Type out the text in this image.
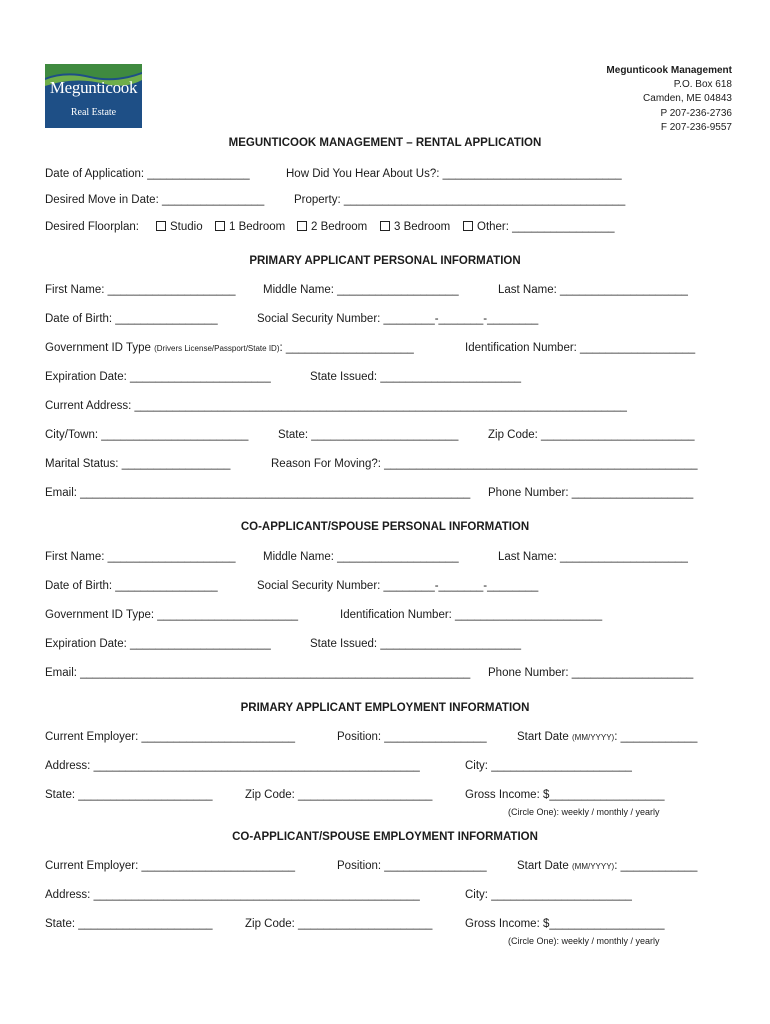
Megunticook
Real Estate
Megunticook Management
P.O. Box 618
Camden, ME 04843
P 207-236-2736
F 207-236-9557
MEGUNTICOOK MANAGEMENT – RENTAL APPLICATION
Date of Application: ________________	How Did You Hear About Us?: ____________________________
Desired Move in Date: ________________	Property: ____________________________________________
Desired Floorplan:	Studio	1 Bedroom	2 Bedroom	3 Bedroom	Other: ________________
PRIMARY APPLICANT PERSONAL INFORMATION
First Name: ____________________ Middle Name: ___________________	Last Name: ____________________
Date of Birth: ________________	Social Security Number: ________-_______-________
Government ID Type (Drivers License/Passport/State ID): ____________________	Identification Number: __________________
Expiration Date: ______________________	State Issued: ______________________
Current Address: _____________________________________________________________________________
City/Town: _______________________	State: _______________________	Zip Code: ________________________
Marital Status: _________________	Reason For Moving?: _________________________________________________
Email: _____________________________________________________________ Phone Number: ___________________
CO-APPLICANT/SPOUSE PERSONAL INFORMATION
First Name: ____________________ Middle Name: ___________________	Last Name: ____________________
Date of Birth: ________________	Social Security Number: ________-_______-________
Government ID Type: ______________________	Identification Number: _______________________
Expiration Date: ______________________	State Issued: ______________________
Email: _____________________________________________________________ Phone Number: ___________________
PRIMARY APPLICANT EMPLOYMENT INFORMATION
Current Employer: ________________________	Position: ________________	Start Date (MM/YYYY): ____________
Address: ___________________________________________________	City: ______________________
State: _____________________	Zip Code: _____________________	Gross Income: $__________________
(Circle One): weekly / monthly / yearly
CO-APPLICANT/SPOUSE EMPLOYMENT INFORMATION
Current Employer: ________________________	Position: ________________	Start Date (MM/YYYY): ____________
Address: ___________________________________________________	City: ______________________
State: _____________________	Zip Code: _____________________	Gross Income: $__________________
(Circle One): weekly / monthly / yearly
